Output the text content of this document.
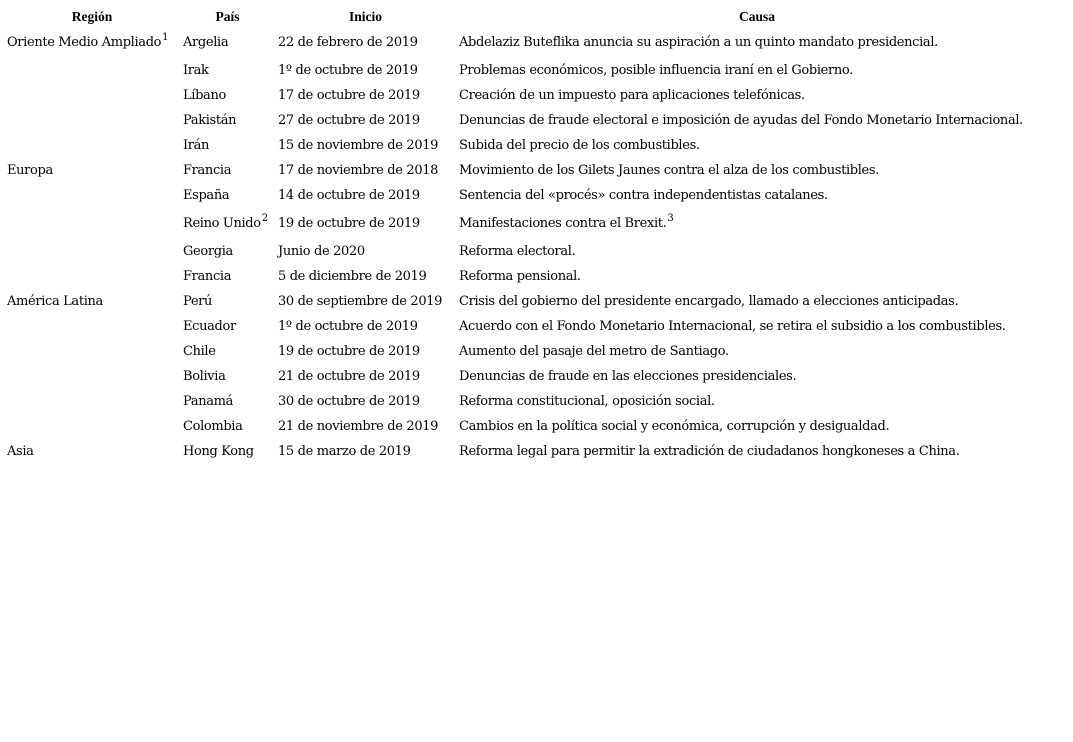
Región	País	Inicio	Causa
Oriente Medio Ampliado$^1$	Argelia	22 de febrero de 2019	Abdelaziz Buteflika anuncia su aspiración a un quinto mandato presidencial.
	Irak	1º de octubre de 2019	Problemas económicos, posible influencia iraní en el Gobierno.
	Líbano	17 de octubre de 2019	Creación de un impuesto para aplicaciones telefónicas.
	Pakistán	27 de octubre de 2019	Denuncias de fraude electoral e imposición de ayudas del Fondo Monetario Internacional.
	Irán	15 de noviembre de 2019	Subida del precio de los combustibles.
Europa	Francia	17 de noviembre de 2018	Movimiento de los Gilets Jaunes contra el alza de los combustibles.
	España	14 de octubre de 2019	Sentencia del «procés» contra independentistas catalanes.
	Reino Unido$^2$	19 de octubre de 2019	Manifestaciones contra el Brexit.$^3$
	Georgia	Junio de 2020	Reforma electoral.
	Francia	5 de diciembre de 2019	Reforma pensional.
América Latina	Perú	30 de septiembre de 2019	Crisis del gobierno del presidente encargado, llamado a elecciones anticipadas.
	Ecuador	1º de octubre de 2019	Acuerdo con el Fondo Monetario Internacional, se retira el subsidio a los combustibles.
	Chile	19 de octubre de 2019	Aumento del pasaje del metro de Santiago.
	Bolivia	21 de octubre de 2019	Denuncias de fraude en las elecciones presidenciales.
	Panamá	30 de octubre de 2019	Reforma constitucional, oposición social.
	Colombia	21 de noviembre de 2019	Cambios en la política social y económica, corrupción y desigualdad.
Asia	Hong Kong	15 de marzo de 2019	Reforma legal para permitir la extradición de ciudadanos hongkoneses a China.
